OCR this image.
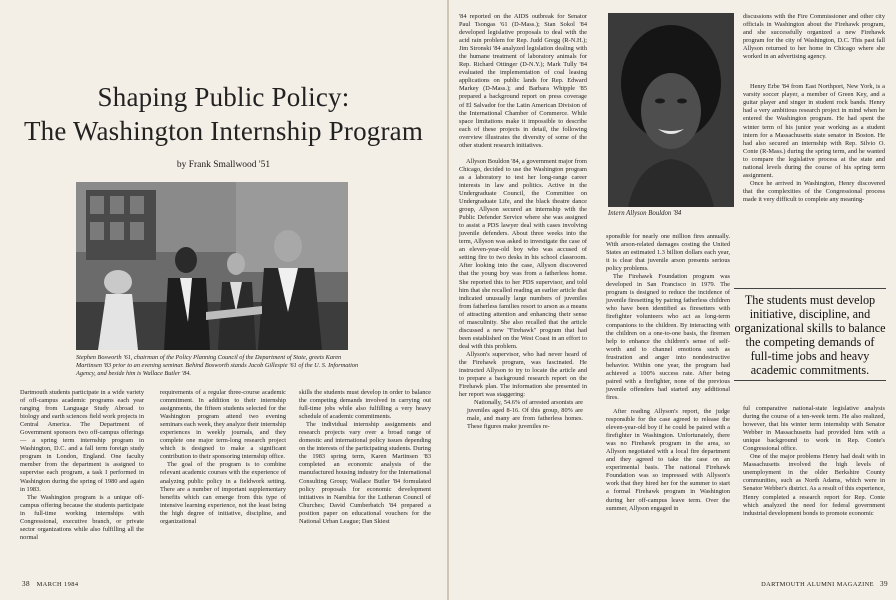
Shaping Public Policy:
The Washington Internship Program
by Frank Smallwood '51
Stephen Bosworth '61, chairman of the Policy Planning Council of the Department of State, greets Karen Martinsen '83 prior to an evening seminar. Behind Bosworth stands Jacob Gillespie '61 of the U. S. Information Agency, and beside him is Wallace Butler '84.

Dartmouth students participate in a wide variety of off-campus academic programs each year ranging from Language Study Abroad to biology and earth sciences field work projects in Central America. The Department of Government sponsors two off-campus offerings — a spring term internship program in Washington, D.C. and a fall term foreign study program in London, England. One faculty member from the department is assigned to supervise each program, a task I performed in Washington during the spring of 1980 and again in 1983.

The Washington program is a unique off-campus offering because the students participate in full-time working internships with Congressional, executive branch, or private sector organizations while also fulfilling all the normal

requirements of a regular three-course academic commitment. In addition to their internship assignments, the fifteen students selected for the Washington program attend two evening seminars each week, they analyze their internship experiences in weekly journals, and they complete one major term-long research project which is designed to make a significant contribution to their sponsoring internship office.

The goal of the program is to combine relevant academic courses with the experience of analyzing public policy in a fieldwork setting. There are a number of important supplementary benefits which can emerge from this type of intensive learning experience, not the least being the high degree of initiative, discipline, and organizational

skills the students must develop in order to balance the competing demands involved in carrying out full-time jobs while also fulfilling a very heavy schedule of academic commitments.

The individual internship assignments and research projects vary over a broad range of domestic and international policy issues depending on the interests of the participating students. During the 1983 spring term, Karen Martinsen '83 completed an economic analysis of the manufactured housing industry for the International Consulting Group; Wallace Butler '84 formulated policy proposals for economic development initiatives in Namibia for the Lutheran Council of Churches; David Cumberbatch '84 prepared a position paper on educational vouchers for the National Urban League; Dan Skiest

38 MARCH 1984

'84 reported on the AIDS outbreak for Senator Paul Tsongas '61 (D-Mass.); Stan Sokol '84 developed legislative proposals to deal with the acid rain problem for Rep. Judd Gregg (R-N.H.); Jim Stronski '84 analyzed legislation dealing with the humane treatment of laboratory animals for Rep. Richard Ottinger (D-N.Y.); Mark Tully '84 evaluated the implementation of coal leasing applications on public lands for Rep. Edward Markey (D-Mass.); and Barbara Whipple '85 prepared a background report on press coverage of El Salvador for the Latin American Division of the International Chamber of Commerce. While space limitations make it impossible to describe each of these projects in detail, the following overview illustrates the diversity of some of the other student research initiatives.

Allyson Bouldon '84, a government major from Chicago, decided to use the Washington program as a laboratory to test her long-range career interests in law and politics. Active in the Undergraduate Council, the Committee on Undergraduate Life, and the black theatre dance group, Allyson secured an internship with the Public Defender Service where she was assigned to assist a PDS lawyer deal with cases involving juvenile defenders. About three weeks into the term, Allyson was asked to investigate the case of an eleven-year-old boy who was accused of setting fire to two desks in his school classroom. After looking into the case, Allyson discovered that the young boy was from a fatherless home. She reported this to her PDS supervisor, and told him that she recalled reading an earlier article that indicated unusually large numbers of juveniles from fatherless families resort to arson as a means of attracting attention and enhancing their sense of masculinity. She also recalled that the article discussed a new "Firehawk" program that had been established on the West Coast in an effort to deal with this problem.

Allyson's supervisor, who had never heard of the Firehawk program, was fascinated. He instructed Allyson to try to locate the article and to prepare a background research report on the Firehawk plan. The information she presented in her report was staggering:

Nationally, 54.6% of arrested arsonists are juveniles aged 8-16. Of this group, 80% are male, and many are from fatherless homes. These figures make juveniles re-

Intern Allyson Bouldon '84

sponsible for nearly one million fires annually. With arson-related damages costing the United States an estimated 1.3 billion dollars each year, it is clear that juvenile arson presents serious policy problems.

The Firehawk Foundation program was developed in San Francisco in 1979. The program is designed to reduce the incidence of juvenile firesetting by pairing fatherless children who have been identified as firesetters with firefighter volunteers who act as long-term companions to the children. By interacting with the children on a one-to-one basis, the firemen help to enhance the children's sense of self-worth and to channel emotions such as frustration and anger into nondestructive behavior. Within one year, the program had achieved a 100% success rate. After being paired with a firefighter, none of the previous juvenile offenders had started any additional fires.

After reading Allyson's report, the judge responsible for the case agreed to release the eleven-year-old boy if he could be paired with a firefighter in Washington. Unfortunately, there was no Firehawk program in the area, so Allyson negotiated with a local fire department and they agreed to take the case on an experimental basis. The national Firehawk Foundation was so impressed with Allyson's work that they hired her for the summer to start a formal Firehawk program in Washington during her off-campus leave term. Over the summer, Allyson engaged in

discussions with the Fire Commissioner and other city officials in Washington about the Firehawk program, and she successfully organized a new Firehawk program for the city of Washington, D.C. This past fall Allyson returned to her home in Chicago where she worked in an advertising agency.

Henry Erbe '84 from East Northport, New York, is a varsity soccer player, a member of Green Key, and a guitar player and singer in student rock bands. Henry had a very ambitious research project in mind when he entered the Washington program. He had spent the winter term of his junior year working as a student intern for a Massachusetts state senator in Boston. He had also secured an internship with Rep. Silvio O. Conte (R-Mass.) during the spring term, and he wanted to compare the legislative process at the state and national levels during the course of his spring term assignment.

Once he arrived in Washington, Henry discovered that the complexities of the Congressional process made it very difficult to complete any meaning-

The students must develop initiative, discipline, and organizational skills to balance the competing demands of full-time jobs and heavy academic commitments.

ful comparative national-state legislative analysis during the course of a ten-week term. He also realized, however, that his winter term internship with Senator Webber in Massachusetts had provided him with a unique background to work in Rep. Conte's Congressional office.

One of the major problems Henry had dealt with in Massachusetts involved the high levels of unemployment in the older Berkshire County communities, such as North Adams, which were in Senator Webber's district. As a result of this experience, Henry completed a research report for Rep. Conte which analyzed the need for federal government industrial development bonds to promote economic

DARTMOUTH ALUMNI MAGAZINE 39
